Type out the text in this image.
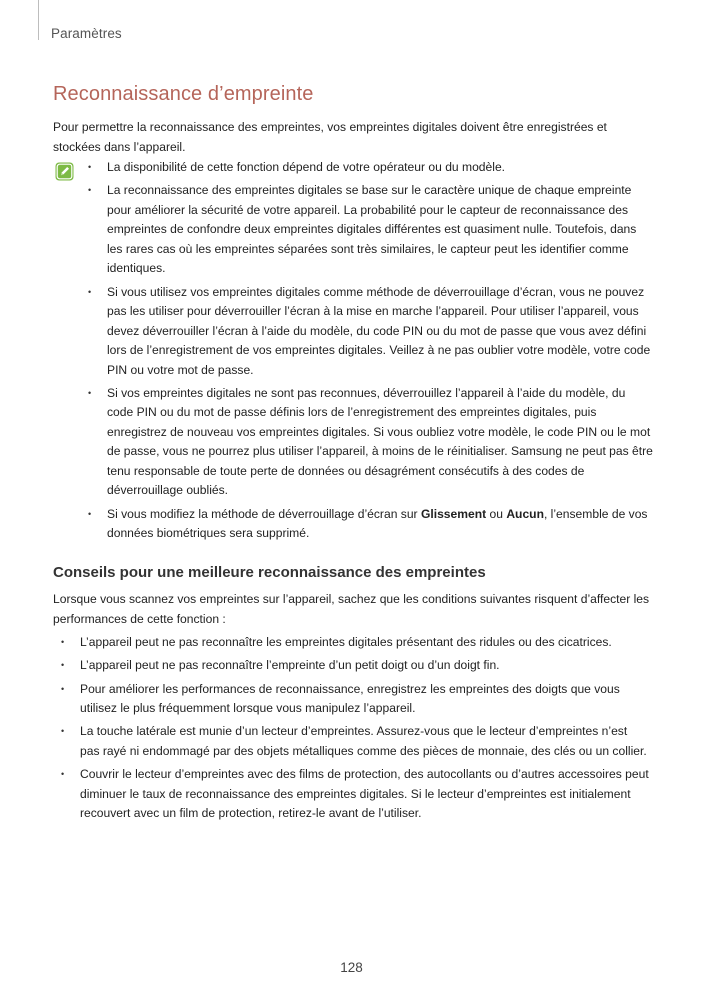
Paramètres
Reconnaissance d’empreinte

Pour permettre la reconnaissance des empreintes, vos empreintes digitales doivent être enregistrées et stockées dans l’appareil.

• La disponibilité de cette fonction dépend de votre opérateur ou du modèle.
• La reconnaissance des empreintes digitales se base sur le caractère unique de chaque empreinte pour améliorer la sécurité de votre appareil. La probabilité pour le capteur de reconnaissance des empreintes de confondre deux empreintes digitales différentes est quasiment nulle. Toutefois, dans les rares cas où les empreintes séparées sont très similaires, le capteur peut les identifier comme identiques.
• Si vous utilisez vos empreintes digitales comme méthode de déverrouillage d’écran, vous ne pouvez pas les utiliser pour déverrouiller l’écran à la mise en marche l’appareil. Pour utiliser l’appareil, vous devez déverrouiller l’écran à l’aide du modèle, du code PIN ou du mot de passe que vous avez défini lors de l’enregistrement de vos empreintes digitales. Veillez à ne pas oublier votre modèle, votre code PIN ou votre mot de passe.
• Si vos empreintes digitales ne sont pas reconnues, déverrouillez l’appareil à l’aide du modèle, du code PIN ou du mot de passe définis lors de l’enregistrement des empreintes digitales, puis enregistrez de nouveau vos empreintes digitales. Si vous oubliez votre modèle, le code PIN ou le mot de passe, vous ne pourrez plus utiliser l’appareil, à moins de le réinitialiser. Samsung ne peut pas être tenu responsable de toute perte de données ou désagrément consécutifs à des codes de déverrouillage oubliés.
• Si vous modifiez la méthode de déverrouillage d’écran sur Glissement ou Aucun, l’ensemble de vos données biométriques sera supprimé.
Conseils pour une meilleure reconnaissance des empreintes

Lorsque vous scannez vos empreintes sur l’appareil, sachez que les conditions suivantes risquent d’affecter les performances de cette fonction :

• L’appareil peut ne pas reconnaître les empreintes digitales présentant des ridules ou des cicatrices.
• L’appareil peut ne pas reconnaître l’empreinte d’un petit doigt ou d’un doigt fin.
• Pour améliorer les performances de reconnaissance, enregistrez les empreintes des doigts que vous utilisez le plus fréquemment lorsque vous manipulez l’appareil.
• La touche latérale est munie d’un lecteur d’empreintes. Assurez-vous que le lecteur d’empreintes n’est pas rayé ni endommagé par des objets métalliques comme des pièces de monnaie, des clés ou un collier.
• Couvrir le lecteur d’empreintes avec des films de protection, des autocollants ou d’autres accessoires peut diminuer le taux de reconnaissance des empreintes digitales. Si le lecteur d’empreintes est initialement recouvert avec un film de protection, retirez-le avant de l’utiliser.
128
